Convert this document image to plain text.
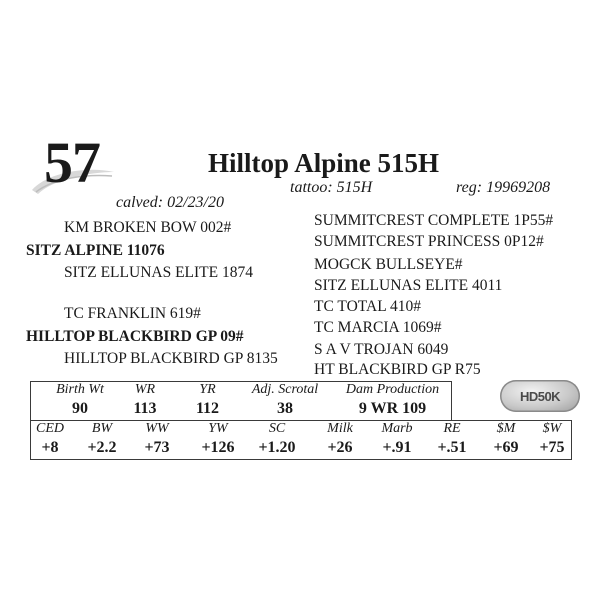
57	Hilltop Alpine 515H
calved: 02/23/20
tattoo: 515H	reg: 19969208
KM BROKEN BOW 002#
SITZ ALPINE 11076
SITZ ELLUNAS ELITE 1874
TC FRANKLIN 619#
HILLTOP BLACKBIRD GP 09#
HILLTOP BLACKBIRD GP 8135
SUMMITCREST COMPLETE 1P55#
SUMMITCREST PRINCESS 0P12#
MOGCK BULLSEYE#
SITZ ELLUNAS ELITE 4011
TC TOTAL 410#
TC MARCIA 1069#
S A V TROJAN 6049
HT BLACKBIRD GP R75
Birth Wt	WR	YR	Adj. Scrotal	Dam Production
90	113	112	38	9 WR 109
HD50K
CED	BW	WW	YW	SC	Milk	Marb	RE	$M	$W
+8	+2.2	+73	+126	+1.20	+26	+.91	+.51	+69	+75
